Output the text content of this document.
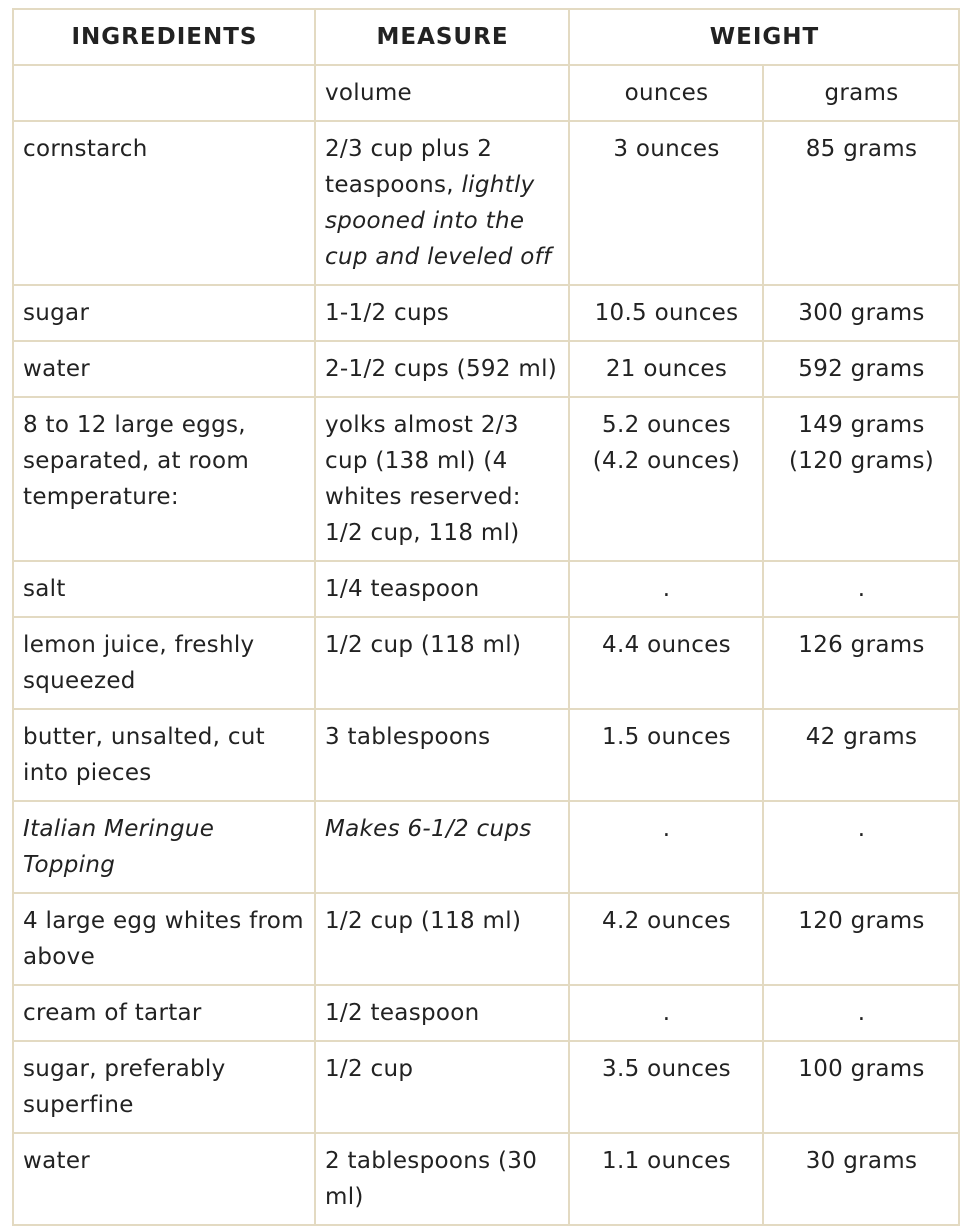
INGREDIENTS	MEASURE	WEIGHT	
	volume	ounces	grams
cornstarch	2/3 cup plus 2 teaspoons, lightly spooned into the cup and leveled off	3 ounces	85 grams
sugar	1-1/2 cups	10.5 ounces	300 grams
water	2-1/2 cups (592 ml)	21 ounces	592 grams
8 to 12 large eggs, separated, at room temperature:	yolks almost 2/3 cup (138 ml) (4 whites reserved: 1/2 cup, 118 ml)	5.2 ounces (4.2 ounces)	149 grams (120 grams)
salt	1/4 teaspoon	.	.
lemon juice, freshly squeezed	1/2 cup (118 ml)	4.4 ounces	126 grams
butter, unsalted, cut into pieces	3 tablespoons	1.5 ounces	42 grams
Italian Meringue Topping	Makes 6-1/2 cups	.	.
4 large egg whites from above	1/2 cup (118 ml)	4.2 ounces	120 grams
cream of tartar	1/2 teaspoon	.	.
sugar, preferably superfine	1/2 cup	3.5 ounces	100 grams
water	2 tablespoons (30 ml)	1.1 ounces	30 grams
